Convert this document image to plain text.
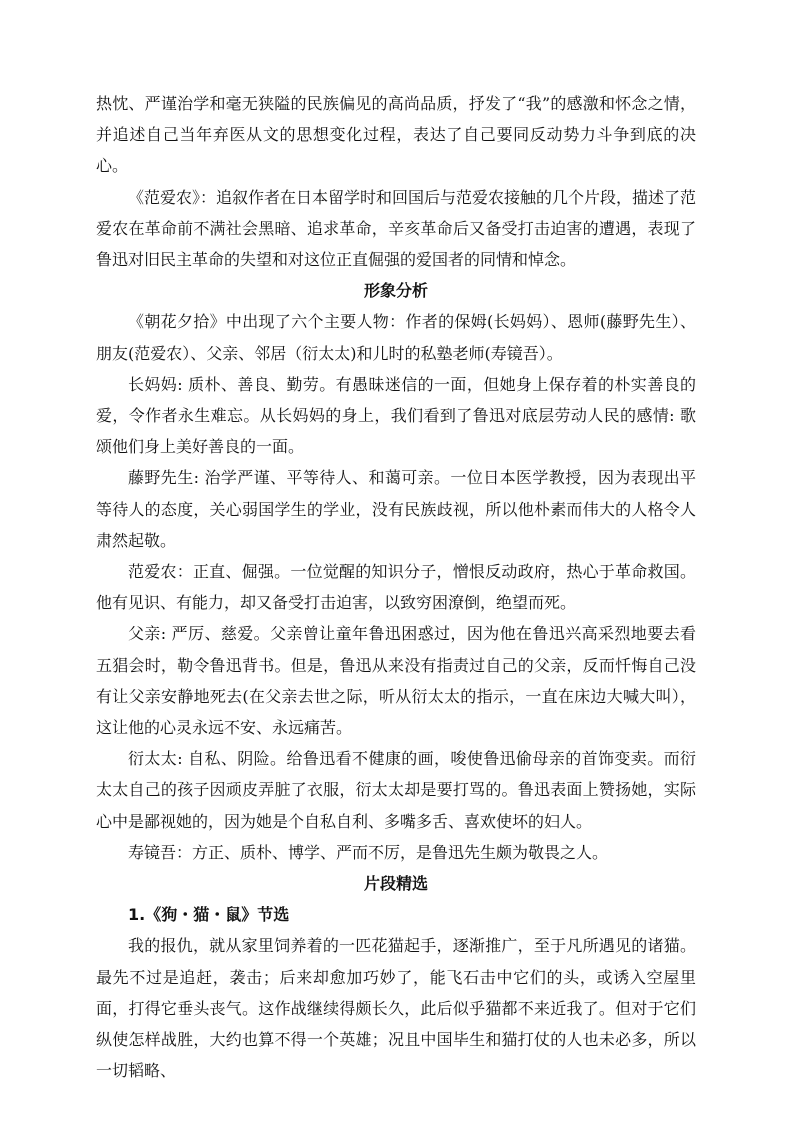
热忱、严谨治学和毫无狭隘的民族偏见的高尚品质，抒发了“我”的感激和怀念之情，并追述自己当年弃医从文的思想变化过程，表达了自己要同反动势力斗争到底的决心。

《范爱农》：追叙作者在日本留学时和回国后与范爱农接触的几个片段，描述了范爱农在革命前不满社会黑暗、追求革命，辛亥革命后又备受打击迫害的遭遇，表现了鲁迅对旧民主革命的失望和对这位正直倔强的爱国者的同情和悼念。

形象分析

《朝花夕拾》中出现了六个主要人物：作者的保姆(长妈妈）、恩师(藤野先生）、朋友(范爱农）、父亲、邻居（衍太太)和儿时的私塾老师(寿镜吾）。

长妈妈: 质朴、善良、勤劳。有愚昧迷信的一面，但她身上保存着的朴实善良的爱，令作者永生难忘。从长妈妈的身上，我们看到了鲁迅对底层劳动人民的感情: 歌颂他们身上美好善良的一面。

藤野先生: 治学严谨、平等待人、和蔼可亲。一位日本医学教授，因为表现出平等待人的态度，关心弱国学生的学业，没有民族歧视，所以他朴素而伟大的人格令人肃然起敬。

范爱农：正直、倔强。一位觉醒的知识分子，憎恨反动政府，热心于革命救国。他有见识、有能力，却又备受打击迫害，以致穷困潦倒，绝望而死。

父亲: 严厉、慈爱。父亲曾让童年鲁迅困惑过，因为他在鲁迅兴高采烈地要去看五猖会时，勒令鲁迅背书。但是，鲁迅从来没有指责过自己的父亲，反而忏悔自己没有让父亲安静地死去(在父亲去世之际，听从衍太太的指示，一直在床边大喊大叫），这让他的心灵永远不安、永远痛苦。

衍太太: 自私、阴险。给鲁迅看不健康的画，唆使鲁迅偷母亲的首饰变卖。而衍太太自己的孩子因顽皮弄脏了衣服，衍太太却是要打骂的。鲁迅表面上赞扬她，实际心中是鄙视她的，因为她是个自私自利、多嘴多舌、喜欢使坏的妇人。

寿镜吾：方正、质朴、博学、严而不厉，是鲁迅先生颇为敬畏之人。

片段精选

1.《狗・猫・鼠》节选

我的报仇，就从家里饲养着的一匹花猫起手，逐渐推广，至于凡所遇见的诸猫。最先不过是追赶，袭击；后来却愈加巧妙了，能飞石击中它们的头，或诱入空屋里面，打得它垂头丧气。这作战继续得颇长久，此后似乎猫都不来近我了。但对于它们纵使怎样战胜，大约也算不得一个英雄；况且中国毕生和猫打仗的人也未必多，所以一切韬略、
